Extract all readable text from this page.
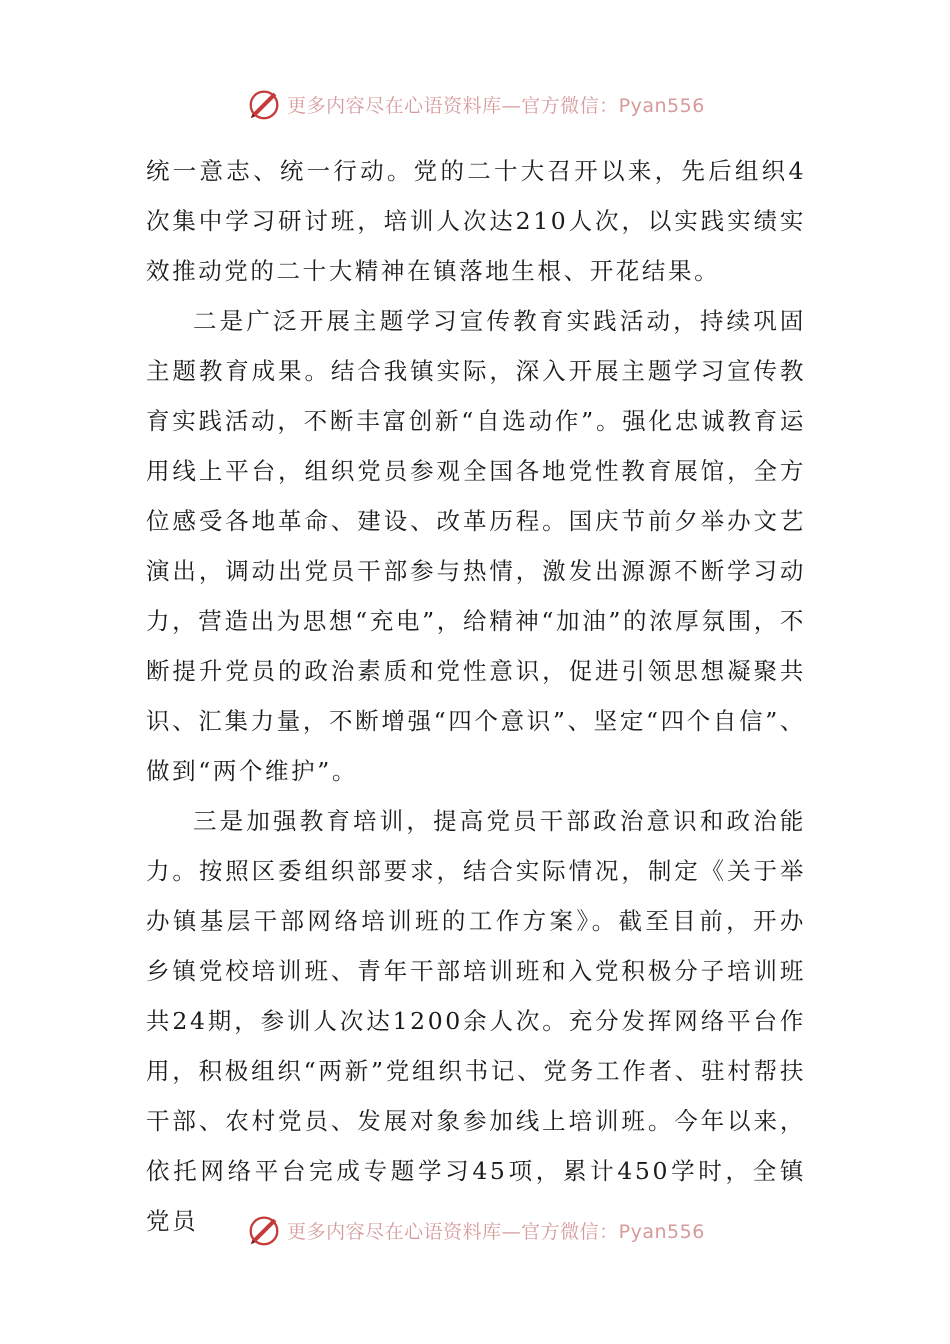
更多内容尽在心语资料库—官方微信：Pyan556

统一意志、统一行动。党的二十大召开以来，先后组织4次集中学习研讨班，培训人次达210人次，以实践实绩实效推动党的二十大精神在镇落地生根、开花结果。

二是广泛开展主题学习宣传教育实践活动，持续巩固主题教育成果。结合我镇实际，深入开展主题学习宣传教育实践活动，不断丰富创新“自选动作”。强化忠诚教育运用线上平台，组织党员参观全国各地党性教育展馆，全方位感受各地革命、建设、改革历程。国庆节前夕举办文艺演出，调动出党员干部参与热情，激发出源源不断学习动力，营造出为思想“充电”，给精神“加油”的浓厚氛围，不断提升党员的政治素质和党性意识，促进引领思想凝聚共识、汇集力量，不断增强“四个意识”、坚定“四个自信”、做到“两个维护”。

三是加强教育培训，提高党员干部政治意识和政治能力。按照区委组织部要求，结合实际情况，制定《关于举办镇基层干部网络培训班的工作方案》。截至目前，开办乡镇党校培训班、青年干部培训班和入党积极分子培训班共24期，参训人次达1200余人次。充分发挥网络平台作用，积极组织“两新”党组织书记、党务工作者、驻村帮扶干部、农村党员、发展对象参加线上培训班。今年以来，依托网络平台完成专题学习45项，累计450学时，全镇党员	更多内容尽在心语资料库—官方微信：Pyan556
